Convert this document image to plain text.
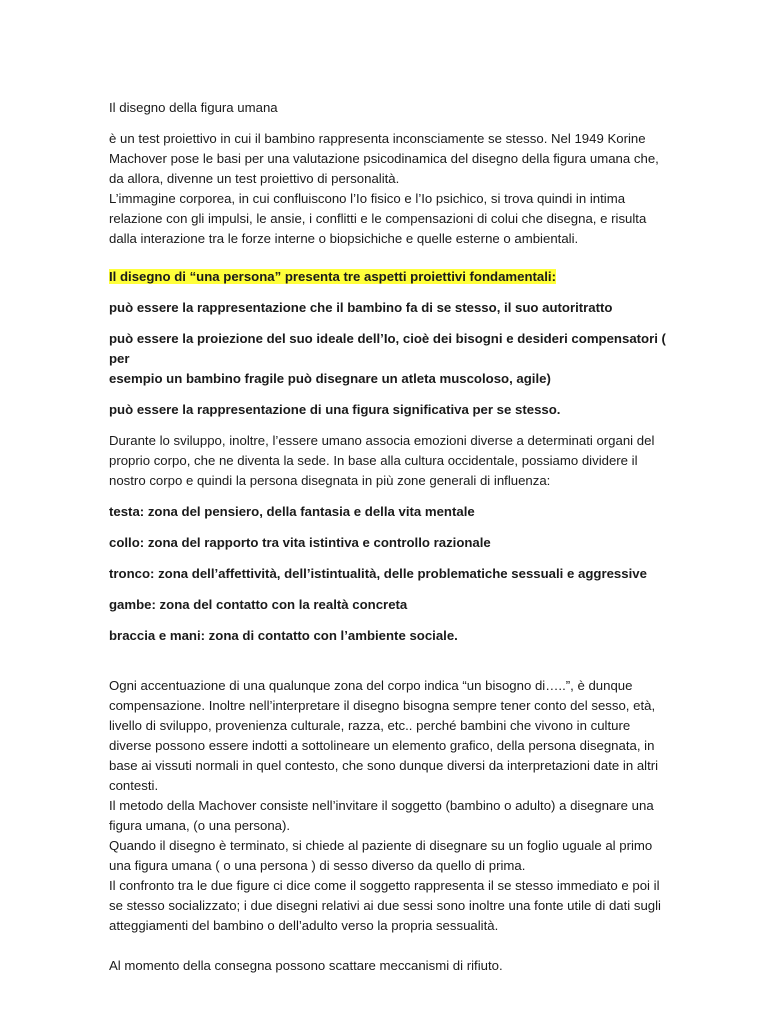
Il disegno della figura umana

è un test proiettivo in cui il bambino rappresenta inconsciamente se stesso. Nel 1949 Korine
Machover pose le basi per una valutazione psicodinamica del disegno della figura umana che,
da allora, divenne un test proiettivo di personalità.
L’immagine corporea, in cui confluiscono l’Io fisico e l’Io psichico, si trova quindi in intima
relazione con gli impulsi, le ansie, i conflitti e le compensazioni di colui che disegna, e risulta
dalla interazione tra le forze interne o biopsichiche e quelle esterne o ambientali.

Il disegno di “una persona” presenta tre aspetti proiettivi fondamentali:

può essere la rappresentazione che il bambino fa di se stesso, il suo autoritratto
può essere la proiezione del suo ideale dell’Io, cioè dei bisogni e desideri compensatori ( per
esempio un bambino fragile può disegnare un atleta muscoloso, agile)
può essere la rappresentazione di una figura significativa per se stesso.
Durante lo sviluppo, inoltre, l’essere umano associa emozioni diverse a determinati organi del
proprio corpo, che ne diventa la sede. In base alla cultura occidentale, possiamo dividere il
nostro corpo e quindi la persona disegnata in più zone generali di influenza:

testa: zona del pensiero, della fantasia e della vita mentale

collo: zona del rapporto tra vita istintiva e controllo razionale

tronco: zona dell’affettività, dell’istintualità, delle problematiche sessuali e aggressive

gambe: zona del contatto con la realtà concreta

braccia e mani: zona di contatto con l’ambiente sociale.

Ogni accentuazione di una qualunque zona del corpo indica “un bisogno di…..”, è dunque
compensazione. Inoltre nell’interpretare il disegno bisogna sempre tener conto del sesso, età,
livello di sviluppo, provenienza culturale, razza, etc.. perché bambini che vivono in culture
diverse possono essere indotti a sottolineare un elemento grafico, della persona disegnata, in
base ai vissuti normali in quel contesto, che sono dunque diversi da interpretazioni date in altri
contesti.
Il metodo della Machover consiste nell’invitare il soggetto (bambino o adulto) a disegnare una
figura umana, (o una persona).
Quando il disegno è terminato, si chiede al paziente di disegnare su un foglio uguale al primo
una figura umana ( o una persona ) di sesso diverso da quello di prima.
Il confronto tra le due figure ci dice come il soggetto rappresenta il se stesso immediato e poi il
se stesso socializzato; i due disegni relativi ai due sessi sono inoltre una fonte utile di dati sugli
atteggiamenti del bambino o dell’adulto verso la propria sessualità.

Al momento della consegna possono scattare meccanismi di rifiuto.
